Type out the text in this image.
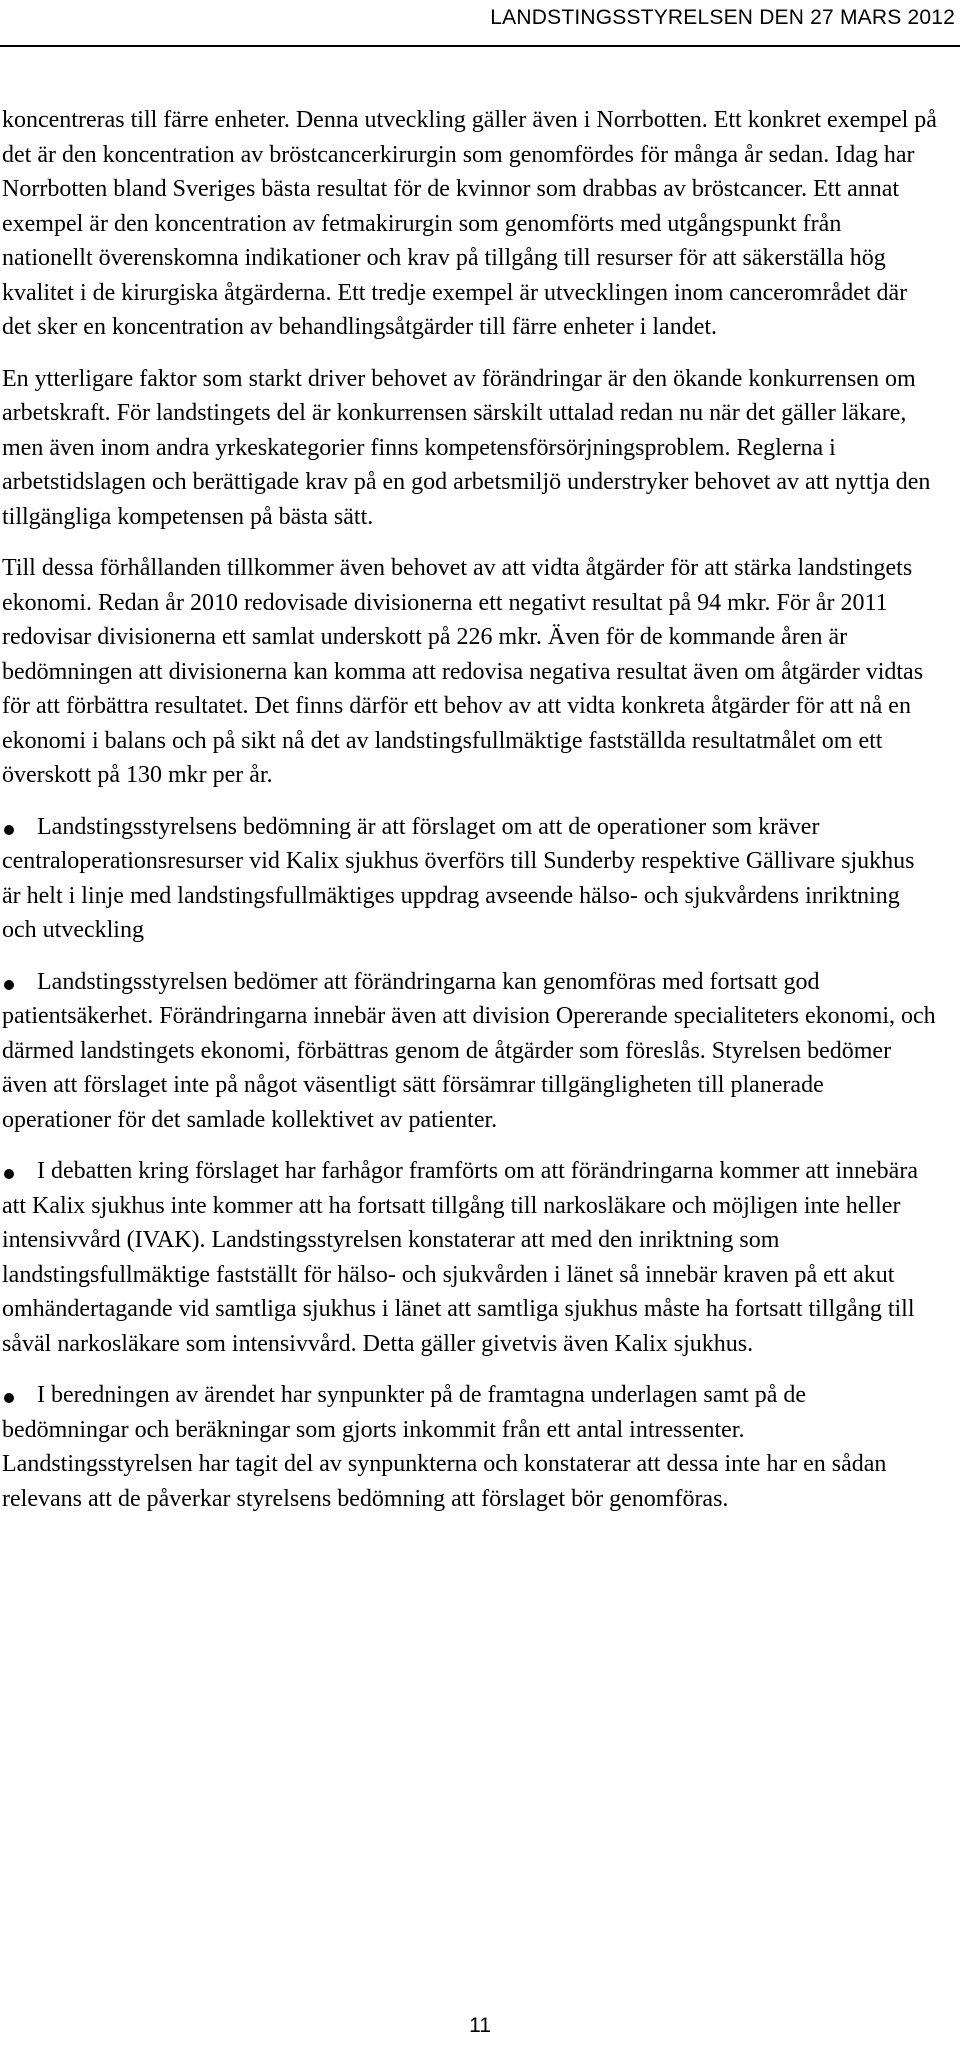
LANDSTINGSSTYRELSEN DEN 27 MARS 2012

koncentreras till färre enheter. Denna utveckling gäller även i Norrbotten. Ett konkret exempel på det är den koncentration av bröstcancerkirurgin som genomfördes för många år sedan. Idag har Norrbotten bland Sveriges bästa resultat för de kvinnor som drabbas av bröstcancer. Ett annat exempel är den koncentration av fetmakirurgin som genomförts med utgångspunkt från nationellt överenskomna indikationer och krav på tillgång till resurser för att säkerställa hög kvalitet i de kirurgiska åtgärderna. Ett tredje exempel är utvecklingen inom cancerområdet där det sker en koncentration av behandlingsåtgärder till färre enheter i landet.

En ytterligare faktor som starkt driver behovet av förändringar är den ökande konkurrensen om arbetskraft. För landstingets del är konkurrensen särskilt uttalad redan nu när det gäller läkare, men även inom andra yrkeskategorier finns kompetensförsörjningsproblem. Reglerna i arbetstidslagen och berättigade krav på en god arbetsmiljö understryker behovet av att nyttja den tillgängliga kompetensen på bästa sätt.

Till dessa förhållanden tillkommer även behovet av att vidta åtgärder för att stärka landstingets ekonomi. Redan år 2010 redovisade divisionerna ett negativt resultat på 94 mkr. För år 2011 redovisar divisionerna ett samlat underskott på 226 mkr. Även för de kommande åren är bedömningen att divisionerna kan komma att redovisa negativa resultat även om åtgärder vidtas för att förbättra resultatet. Det finns därför ett behov av att vidta konkreta åtgärder för att nå en ekonomi i balans och på sikt nå det av landstingsfullmäktige fastställda resultatmålet om ett överskott på 130 mkr per år.

Landstingsstyrelsens bedömning är att förslaget om att de operationer som kräver centraloperationsresurser vid Kalix sjukhus överförs till Sunderby respektive Gällivare sjukhus är helt i linje med landstingsfullmäktiges uppdrag avseende hälso- och sjukvårdens inriktning och utveckling
Landstingsstyrelsen bedömer att förändringarna kan genomföras med fortsatt god patientsäkerhet. Förändringarna innebär även att division Opererande specialiteters ekonomi, och därmed landstingets ekonomi, förbättras genom de åtgärder som föreslås. Styrelsen bedömer även att förslaget inte på något väsentligt sätt försämrar tillgängligheten till planerade operationer för det samlade kollektivet av patienter.
I debatten kring förslaget har farhågor framförts om att förändringarna kommer att innebära att Kalix sjukhus inte kommer att ha fortsatt tillgång till narkosläkare och möjligen inte heller intensivvård (IVAK). Landstingsstyrelsen konstaterar att med den inriktning som landstingsfullmäktige fastställt för hälso- och sjukvården i länet så innebär kraven på ett akut omhändertagande vid samtliga sjukhus i länet att samtliga sjukhus måste ha fortsatt tillgång till såväl narkosläkare som intensivvård. Detta gäller givetvis även Kalix sjukhus.
I beredningen av ärendet har synpunkter på de framtagna underlagen samt på de bedömningar och beräkningar som gjorts inkommit från ett antal intressenter. Landstingsstyrelsen har tagit del av synpunkterna och konstaterar att dessa inte har en sådan relevans att de påverkar styrelsens bedömning att förslaget bör genomföras.
11
